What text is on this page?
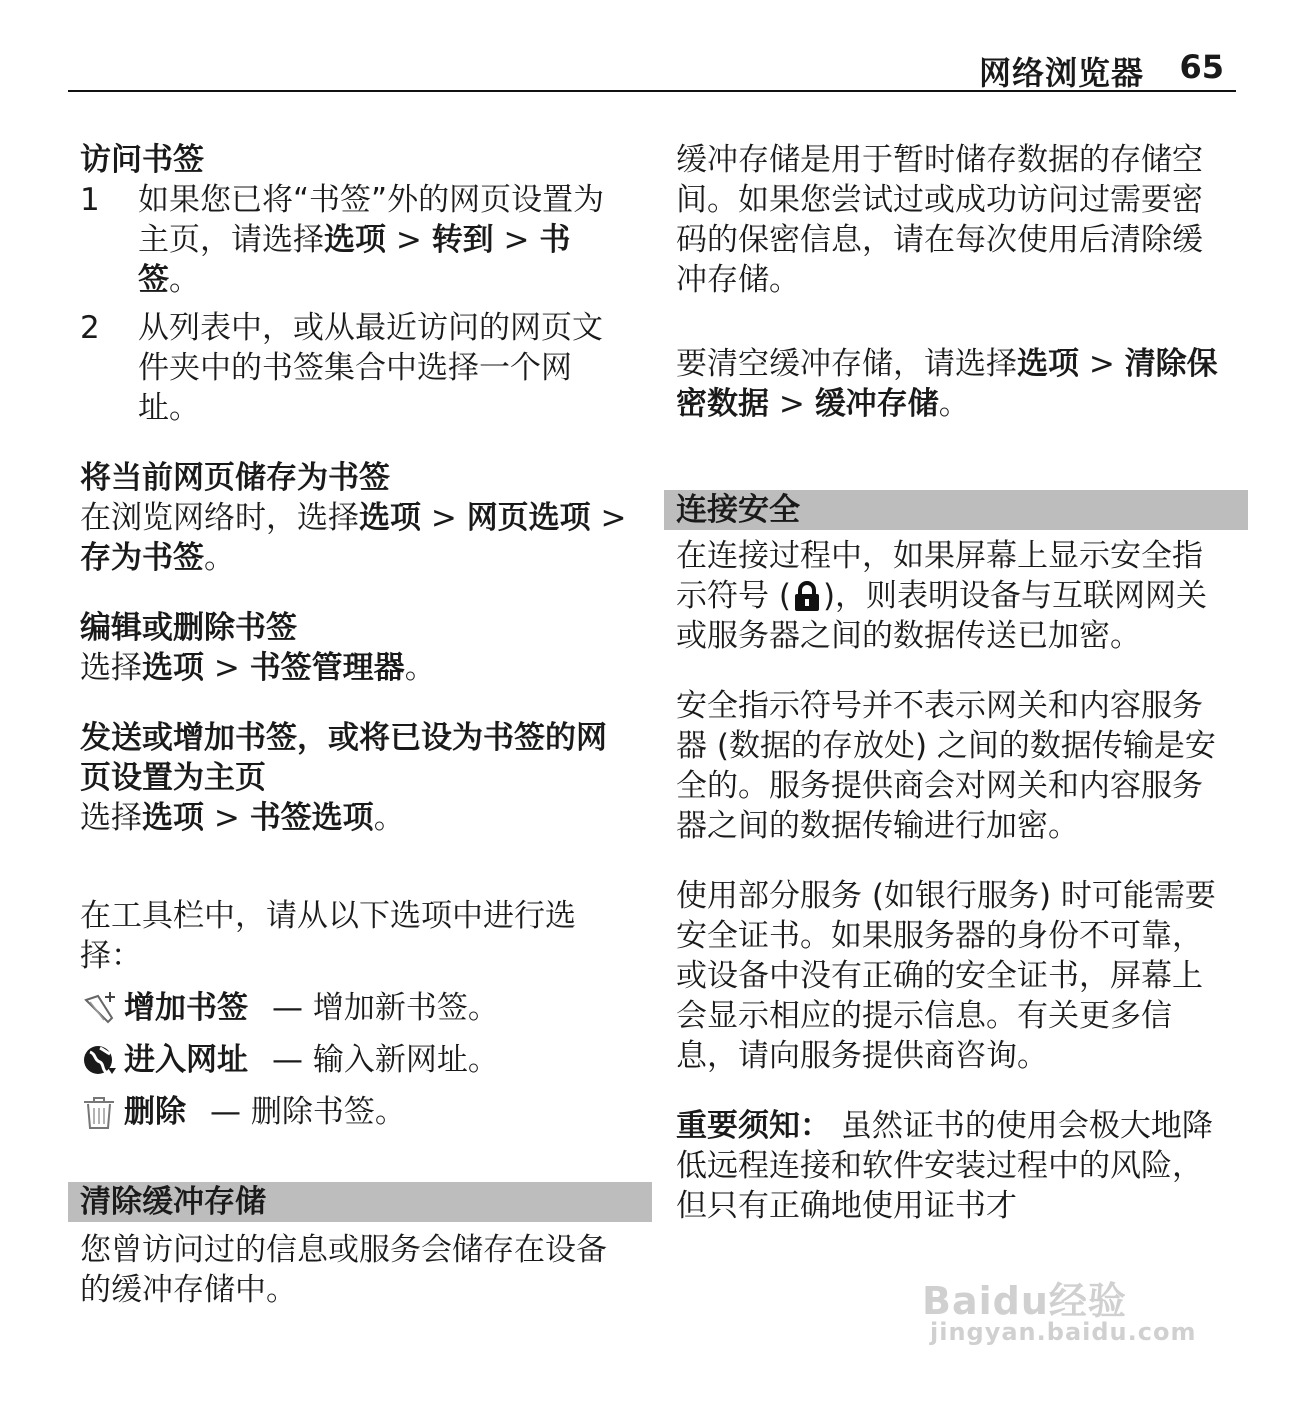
网络浏览器 65

访问书签

1	如果您已将“书签”外的网页设置为主页，请选择选项 > 转到 > 书签。
2	从列表中，或从最近访问的网页文件夹中的书签集合中选择一个网址。

将当前网页储存为书签

在浏览网络时，选择选项 > 网页选项 > 存为书签。

编辑或删除书签

选择选项 > 书签管理器。

发送或增加书签，或将已设为书签的网页设置为主页

选择选项 > 书签选项。

在工具栏中，请从以下选项中进行选择：

增加书签 — 增加新书签。
进入网址 — 输入新网址。
删除 — 删除书签。
清除缓冲存储

您曾访问过的信息或服务会储存在设备的缓冲存储中。

缓冲存储是用于暂时储存数据的存储空间。如果您尝试过或成功访问过需要密码的保密信息，请在每次使用后清除缓冲存储。

要清空缓冲存储，请选择选项 > 清除保密数据 > 缓冲存储。

连接安全

在连接过程中，如果屏幕上显示安全指示符号 ( )，则表明设备与互联网网关或服务器之间的数据传送已加密。

安全指示符号并不表示网关和内容服务器 (数据的存放处) 之间的数据传输是安全的。服务提供商会对网关和内容服务器之间的数据传输进行加密。

使用部分服务 (如银行服务) 时可能需要安全证书。如果服务器的身份不可靠，或设备中没有正确的安全证书，屏幕上会显示相应的提示信息。有关更多信息，请向服务提供商咨询。

重要须知： 虽然证书的使用会极大地降低远程连接和软件安装过程中的风险，但只有正确地使用证书才

Baidu经验
jingyan.baidu.com
